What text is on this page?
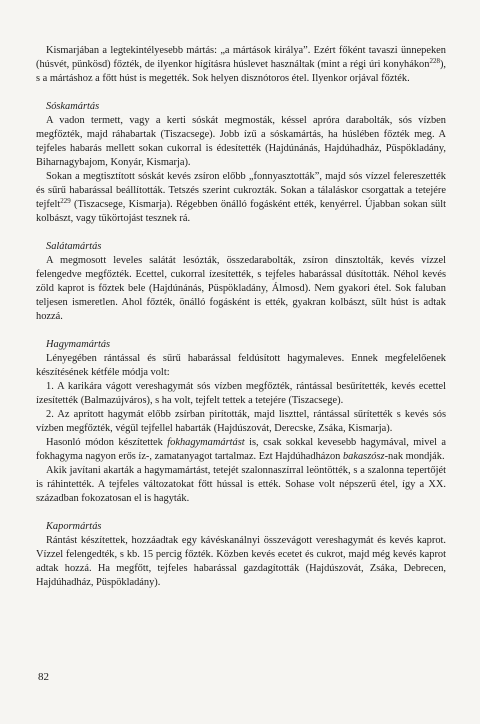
Kismarjában a legtekintélyesebb mártás: „a mártások királya”. Ezért főként tavaszi ünnepeken (húsvét, pünkösd) főzték, de ilyenkor hígításra húslevet használtak (mint a régi úri konyhákon$^{228}$), s a mártáshoz a főtt húst is megették. Sok helyen disznótoros étel. Ilyenkor orjával főzték.

Sóskamártás

A vadon termett, vagy a kerti sóskát megmosták, késsel apróra darabolták, sós vízben megfőzték, majd ráhabartak (Tiszacsege). Jobb ízű a sóskamártás, ha húslében főzték meg. A tejfeles habarás mellett sokan cukorral is édesítették (Hajdúnánás, Hajdúhadház, Püspökladány, Biharnagybajom, Konyár, Kismarja).

Sokan a megtisztított sóskát kevés zsíron előbb „fonnyasztották”, majd sós vízzel felereszették és sűrű habarással beállították. Tetszés szerint cukrozták. Sokan a tálaláskor csorgattak a tetejére tejfelt$^{229}$ (Tiszacsege, Kismarja). Régebben önálló fogásként ették, kenyérrel. Újabban sokan sült kolbászt, vagy tükörtojást tesznek rá.

Salátamártás

A megmosott leveles salátát lesózták, összedarabolták, zsíron dinsztolták, kevés vízzel felengedve megfőzték. Ecettel, cukorral ízesítették, s tejfeles habarással dúsították. Néhol kevés zöld kaprot is főztek bele (Hajdúnánás, Püspökladány, Álmosd). Nem gyakori étel. Sok faluban teljesen ismeretlen. Ahol főzték, önálló fogásként is ették, gyakran kolbászt, sült húst is adtak hozzá.

Hagymamártás

Lényegében rántással és sűrű habarással feldúsított hagymaleves. Ennek megfelelőenek készítésének kétféle módja volt:

1. A karikára vágott vereshagymát sós vízben megfőzték, rántással besűrítették, kevés ecettel ízesítették (Balmazújváros), s ha volt, tejfelt tettek a tetejére (Tiszacsege).

2. Az aprított hagymát előbb zsírban pirították, majd liszttel, rántással sűrítették s kevés sós vízben megfőzték, végül tejfellel habarták (Hajdúszovát, Derecske, Zsáka, Kismarja).

Hasonló módon készítettek fokhagymamártást is, csak sokkal kevesebb hagymával, mivel a fokhagyma nagyon erős íz-, zamatanyagot tartalmaz. Ezt Hajdúhadházon bakaszósz-nak mondják.

Akik javítani akarták a hagymamártást, tetejét szalonnaszírral leöntötték, s a szalonna tepertőjét is ráhintették. A tejfeles változatokat főtt hússal is ették. Sohase volt népszerű étel, így a XX. században fokozatosan el is hagyták.

Kapormártás

Rántást készítettek, hozzáadtak egy kávéskanálnyi összevágott vereshagymát és kevés kaprot. Vízzel felengedték, s kb. 15 percig főzték. Közben kevés ecetet és cukrot, majd még kevés kaprot adtak hozzá. Ha megfőtt, tejfeles habarással gazdagították (Hajdúszovát, Zsáka, Debrecen, Hajdúhadház, Püspökladány).

82
